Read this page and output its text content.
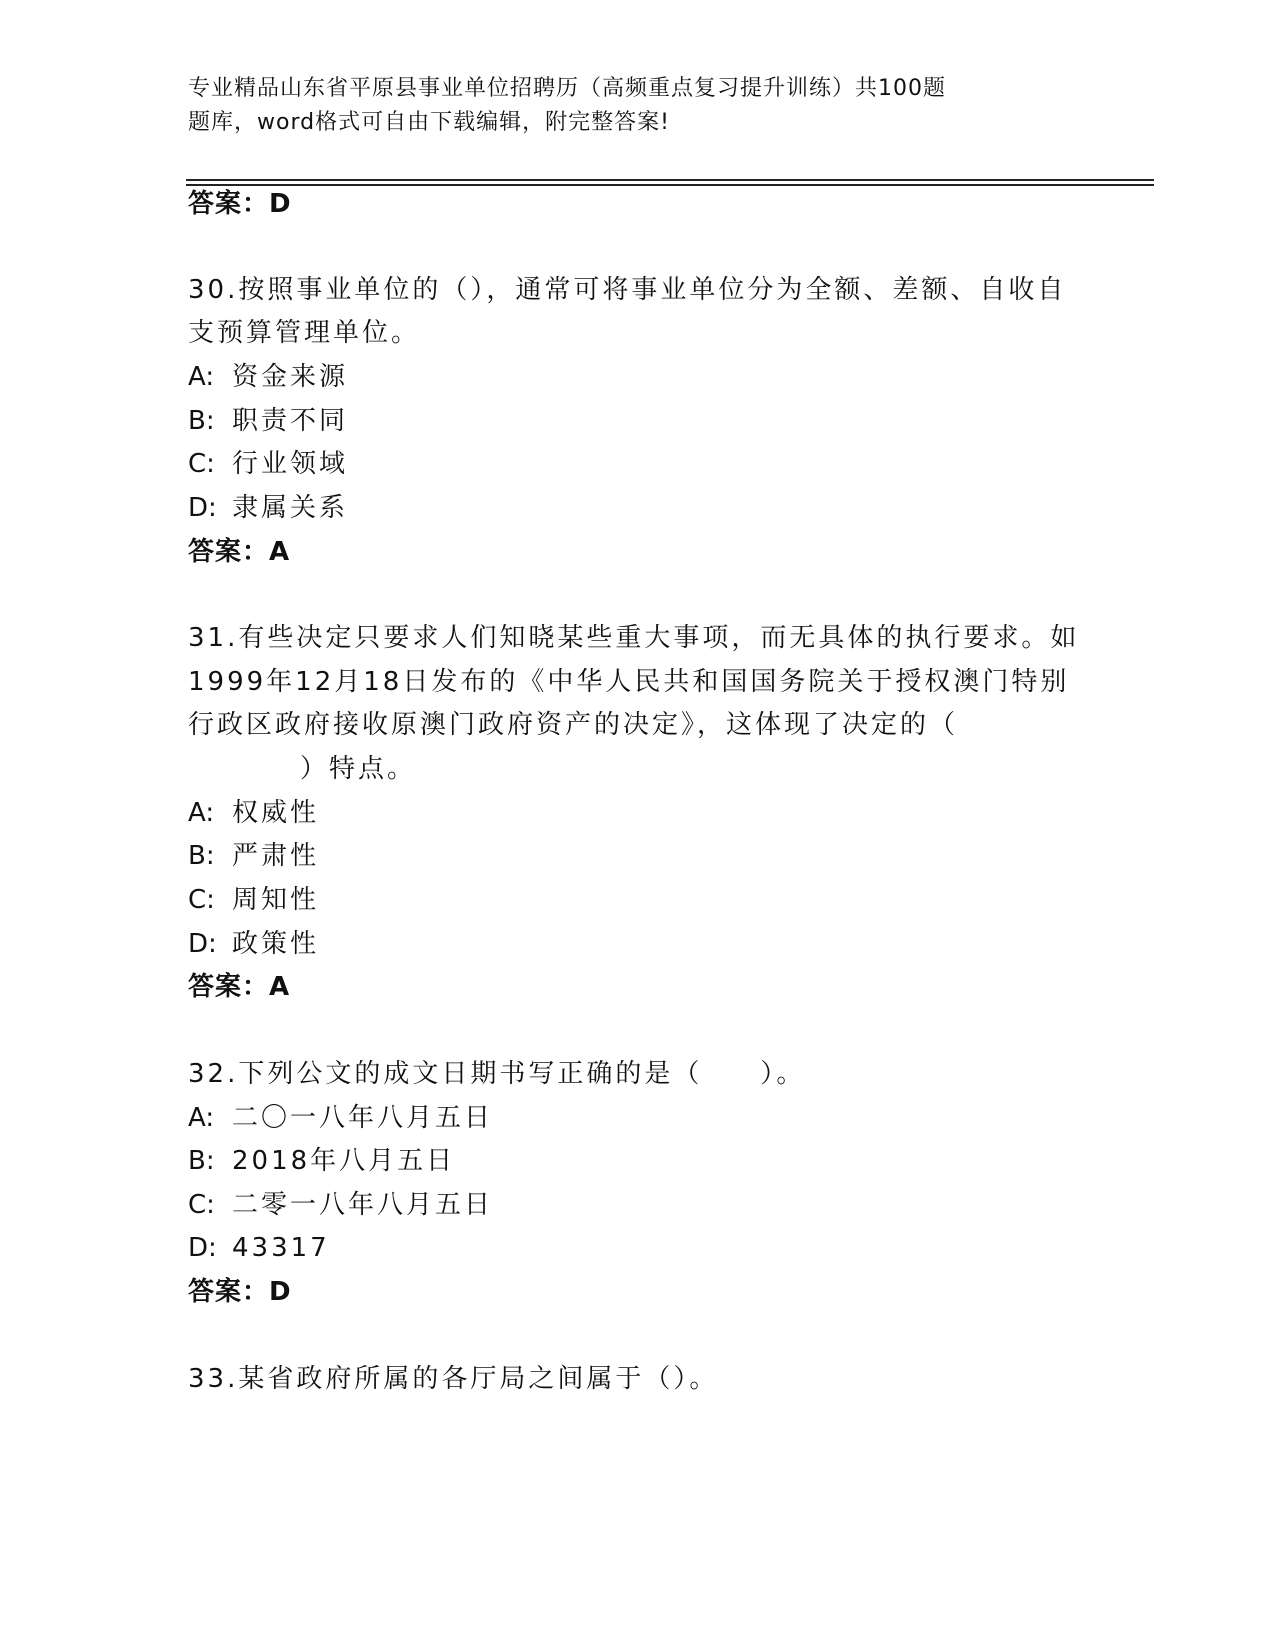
专业精品山东省平原县事业单位招聘历（高频重点复习提升训练）共100题
题库，word格式可自由下载编辑，附完整答案!
答案：D
30.按照事业单位的（），通常可将事业单位分为全额、差额、自收自
支预算管理单位。
A: 资金来源
B: 职责不同
C: 行业领域
D: 隶属关系
答案：A
31.有些决定只要求人们知晓某些重大事项，而无具体的执行要求。如
1999年12月18日发布的《中华人民共和国国务院关于授权澳门特别
行政区政府接收原澳门政府资产的决定》，这体现了决定的（
）特点。
A: 权威性
B: 严肃性
C: 周知性
D: 政策性
答案：A
32.下列公文的成文日期书写正确的是（　　）。
A: 二〇一八年八月五日
B: 2018年八月五日
C: 二零一八年八月五日
D: 43317
答案：D
33.某省政府所属的各厅局之间属于（）。
